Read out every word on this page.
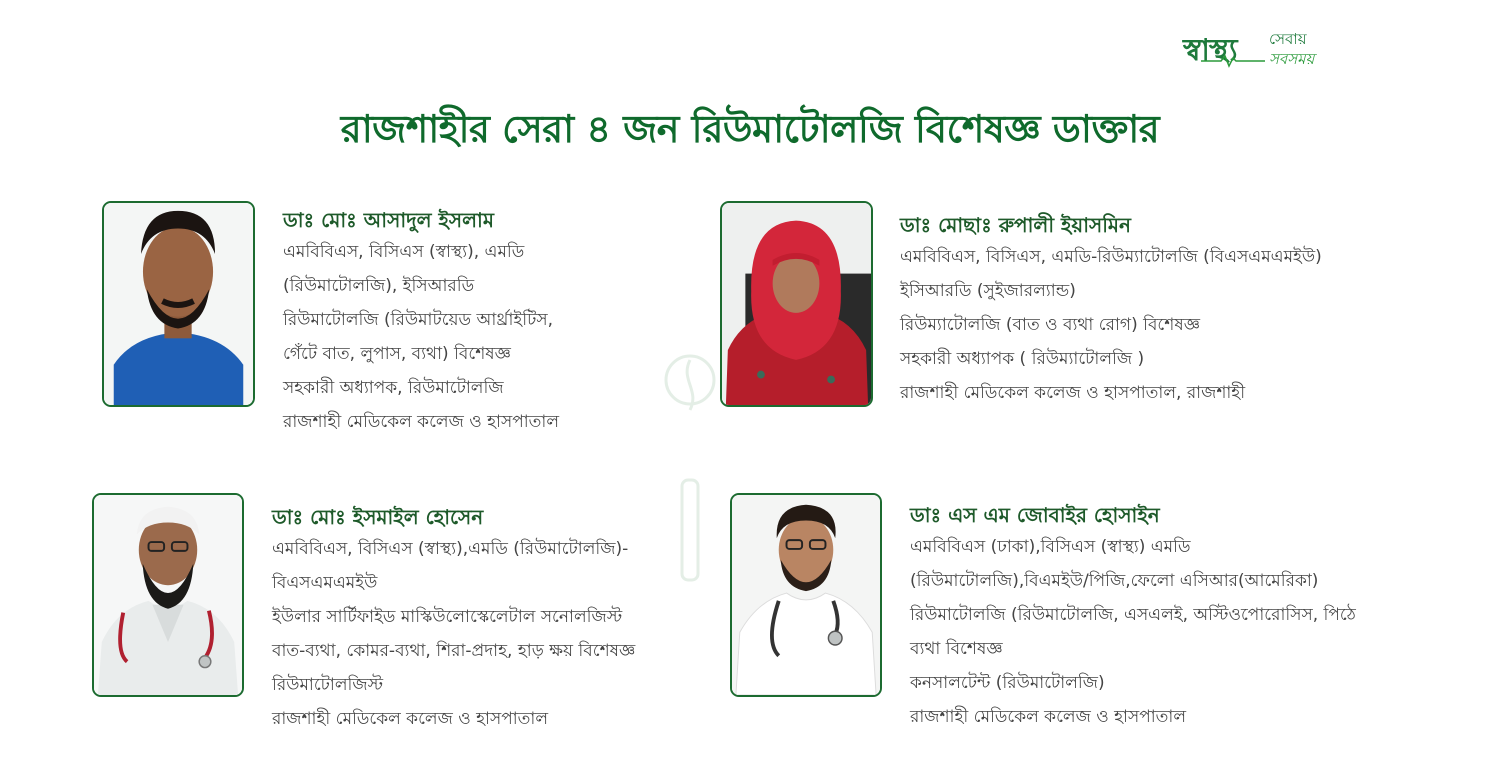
স্বাস্থ্য সেবায়
সবসময়
রাজশাহীর সেরা ৪ জন রিউমাটোলজি বিশেষজ্ঞ ডাক্তার
ডাঃ মোঃ আসাদুল ইসলাম
এমবিবিএস, বিসিএস (স্বাস্থ্য), এমডি
(রিউমাটোলজি), ইসিআরডি
রিউমাটোলজি (রিউমাটয়েড আর্থ্রাইটিস,
গেঁটে বাত, লুপাস, ব্যথা) বিশেষজ্ঞ
সহকারী অধ্যাপক, রিউমাটোলজি
রাজশাহী মেডিকেল কলেজ ও হাসপাতাল
ডাঃ মোছাঃ রুপালী ইয়াসমিন
এমবিবিএস, বিসিএস, এমডি-রিউম্যাটোলজি (বিএসএমএমইউ)
ইসিআরডি (সুইজারল্যান্ড)
রিউম্যাটোলজি (বাত ও ব্যথা রোগ) বিশেষজ্ঞ
সহকারী অধ্যাপক ( রিউম্যাটোলজি )
রাজশাহী মেডিকেল কলেজ ও হাসপাতাল, রাজশাহী
ডাঃ মোঃ ইসমাইল হোসেন
এমবিবিএস, বিসিএস (স্বাস্থ্য),এমডি (রিউমাটোলজি)-
বিএসএমএমইউ
ইউলার সার্টিফাইড মাস্কিউলোস্কেলেটাল সনোলজিস্ট
বাত-ব্যথা, কোমর-ব্যথা, শিরা-প্রদাহ, হাড় ক্ষয় বিশেষজ্ঞ
রিউমাটোলজিস্ট
রাজশাহী মেডিকেল কলেজ ও হাসপাতাল
ডাঃ এস এম জোবাইর হোসাইন
এমবিবিএস (ঢাকা),বিসিএস (স্বাস্থ্য) এমডি
(রিউমাটোলজি),বিএমইউ/পিজি,ফেলো এসিআর(আমেরিকা)
রিউমাটোলজি (রিউমাটোলজি, এসএলই, অস্টিওপোরোসিস, পিঠে
ব্যথা বিশেষজ্ঞ
কনসালটেন্ট (রিউমাটোলজি)
রাজশাহী মেডিকেল কলেজ ও হাসপাতাল
